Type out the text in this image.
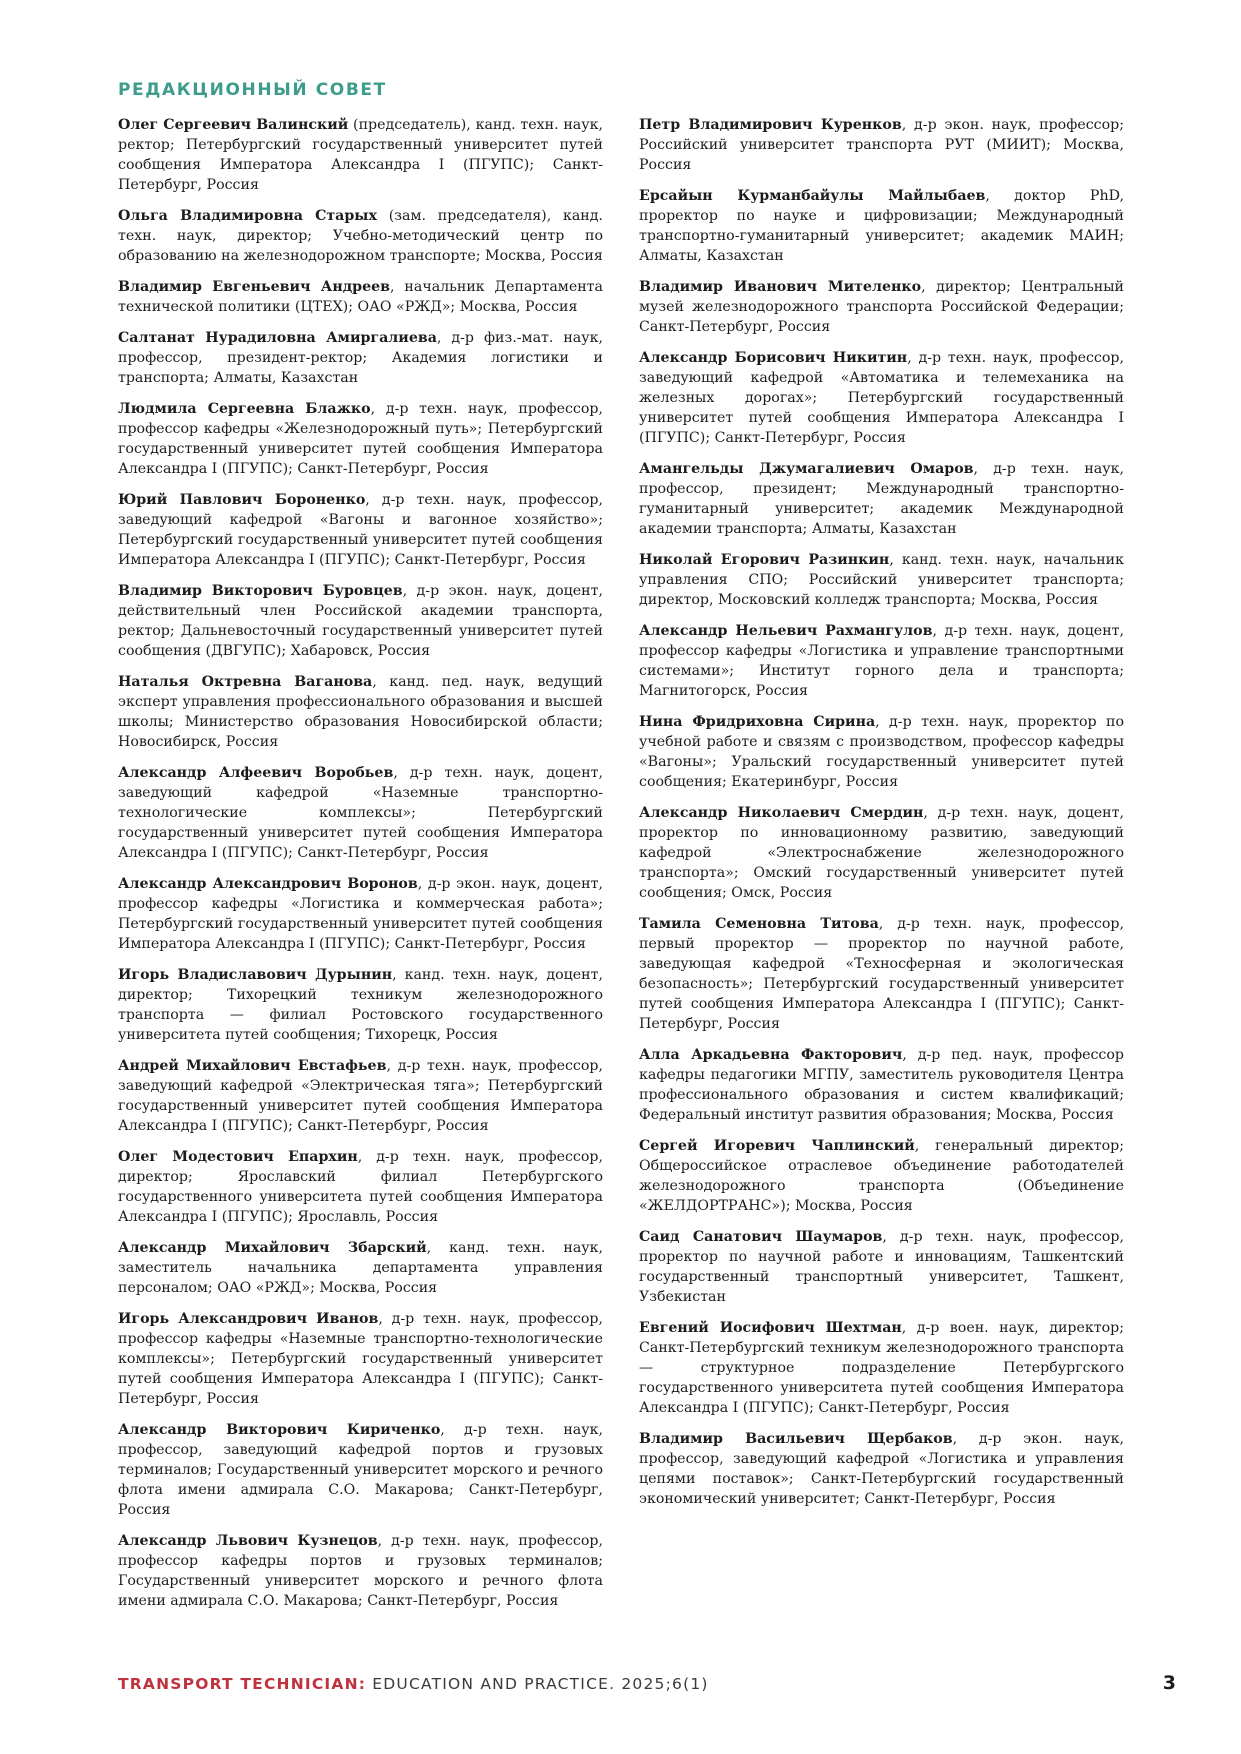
РЕДАКЦИОННЫЙ СОВЕТ

Олег Сергеевич Валинский (председатель), канд. техн. наук, ректор; Петербургский государственный университет путей сообщения Императора Александра I (ПГУПС); Санкт-Петербург, Россия

Ольга Владимировна Старых (зам. председателя), канд. техн. наук, директор; Учебно-методический центр по образованию на железнодорожном транспорте; Москва, Россия

Владимир Евгеньевич Андреев, начальник Департамента технической политики (ЦТЕХ); ОАО «РЖД»; Москва, Россия

Салтанат Нурадиловна Амиргалиева, д-р физ.-мат. наук, профессор, президент-ректор; Академия логистики и транспорта; Алматы, Казахстан

Людмила Сергеевна Блажко, д-р техн. наук, профессор, профессор кафедры «Железнодорожный путь»; Петербургский государственный университет путей сообщения Императора Александра I (ПГУПС); Санкт-Петербург, Россия

Юрий Павлович Бороненко, д-р техн. наук, профессор, заведующий кафедрой «Вагоны и вагонное хозяйство»; Петербургский государственный университет путей сообщения Императора Александра I (ПГУПС); Санкт-Петербург, Россия

Владимир Викторович Буровцев, д-р экон. наук, доцент, действительный член Российской академии транспорта, ректор; Дальневосточный государственный университет путей сообщения (ДВГУПС); Хабаровск, Россия

Наталья Октревна Ваганова, канд. пед. наук, ведущий эксперт управления профессионального образования и высшей школы; Министерство образования Новосибирской области; Новосибирск, Россия

Александр Алфеевич Воробьев, д-р техн. наук, доцент, заведующий кафедрой «Наземные транспортно-технологические комплексы»; Петербургский государственный университет путей сообщения Императора Александра I (ПГУПС); Санкт-Петербург, Россия

Александр Александрович Воронов, д-р экон. наук, доцент, профессор кафедры «Логистика и коммерческая работа»; Петербургский государственный университет путей сообщения Императора Александра I (ПГУПС); Санкт-Петербург, Россия

Игорь Владиславович Дурынин, канд. техн. наук, доцент, директор; Тихорецкий техникум железнодорожного транспорта — филиал Ростовского государственного университета путей сообщения; Тихорецк, Россия

Андрей Михайлович Евстафьев, д-р техн. наук, профессор, заведующий кафедрой «Электрическая тяга»; Петербургский государственный университет путей сообщения Императора Александра I (ПГУПС); Санкт-Петербург, Россия

Олег Модестович Епархин, д-р техн. наук, профессор, директор; Ярославский филиал Петербургского государственного университета путей сообщения Императора Александра I (ПГУПС); Ярославль, Россия

Александр Михайлович Збарский, канд. техн. наук, заместитель начальника департамента управления персоналом; ОАО «РЖД»; Москва, Россия

Игорь Александрович Иванов, д-р техн. наук, профессор, профессор кафедры «Наземные транспортно-технологические комплексы»; Петербургский государственный университет путей сообщения Императора Александра I (ПГУПС); Санкт-Петербург, Россия

Александр Викторович Кириченко, д-р техн. наук, профессор, заведующий кафедрой портов и грузовых терминалов; Государственный университет морского и речного флота имени адмирала С.О. Макарова; Санкт-Петербург, Россия

Александр Львович Кузнецов, д-р техн. наук, профессор, профессор кафедры портов и грузовых терминалов; Государственный университет морского и речного флота имени адмирала С.О. Макарова; Санкт-Петербург, Россия

Петр Владимирович Куренков, д-р экон. наук, профессор; Российский университет транспорта РУТ (МИИТ); Москва, Россия

Ерсайын Курманбайулы Майлыбаев, доктор PhD, проректор по науке и цифровизации; Международный транспортно-гуманитарный университет; академик МАИН; Алматы, Казахстан

Владимир Иванович Мителенко, директор; Центральный музей железнодорожного транспорта Российской Федерации; Санкт-Петербург, Россия

Александр Борисович Никитин, д-р техн. наук, профессор, заведующий кафедрой «Автоматика и телемеханика на железных дорогах»; Петербургский государственный университет путей сообщения Императора Александра I (ПГУПС); Санкт-Петербург, Россия

Амангельды Джумагалиевич Омаров, д-р техн. наук, профессор, президент; Международный транспортно-гуманитарный университет; академик Международной академии транспорта; Алматы, Казахстан

Николай Егорович Разинкин, канд. техн. наук, начальник управления СПО; Российский университет транспорта; директор, Московский колледж транспорта; Москва, Россия

Александр Нельевич Рахмангулов, д-р техн. наук, доцент, профессор кафедры «Логистика и управление транспортными системами»; Институт горного дела и транспорта; Магнитогорск, Россия

Нина Фридриховна Сирина, д-р техн. наук, проректор по учебной работе и связям с производством, профессор кафедры «Вагоны»; Уральский государственный университет путей сообщения; Екатеринбург, Россия

Александр Николаевич Смердин, д-р техн. наук, доцент, проректор по инновационному развитию, заведующий кафедрой «Электроснабжение железнодорожного транспорта»; Омский государственный университет путей сообщения; Омск, Россия

Тамила Семеновна Титова, д-р техн. наук, профессор, первый проректор — проректор по научной работе, заведующая кафедрой «Техносферная и экологическая безопасность»; Петербургский государственный университет путей сообщения Императора Александра I (ПГУПС); Санкт-Петербург, Россия

Алла Аркадьевна Факторович, д-р пед. наук, профессор кафедры педагогики МГПУ, заместитель руководителя Центра профессионального образования и систем квалификаций; Федеральный институт развития образования; Москва, Россия

Сергей Игоревич Чаплинский, генеральный директор; Общероссийское отраслевое объединение работодателей железнодорожного транспорта (Объединение «ЖЕЛДОРТРАНС»); Москва, Россия

Саид Санатович Шаумаров, д-р техн. наук, профессор, проректор по научной работе и инновациям, Ташкентский государственный транспортный университет, Ташкент, Узбекистан

Евгений Иосифович Шехтман, д-р воен. наук, директор; Санкт-Петербургский техникум железнодорожного транспорта — структурное подразделение Петербургского государственного университета путей сообщения Императора Александра I (ПГУПС); Санкт-Петербург, Россия

Владимир Васильевич Щербаков, д-р экон. наук, профессор, заведующий кафедрой «Логистика и управления цепями поставок»; Санкт-Петербургский государственный экономический университет; Санкт-Петербург, Россия

TRANSPORT TECHNICIAN: EDUCATION AND PRACTICE. 2025;6(1)	3
